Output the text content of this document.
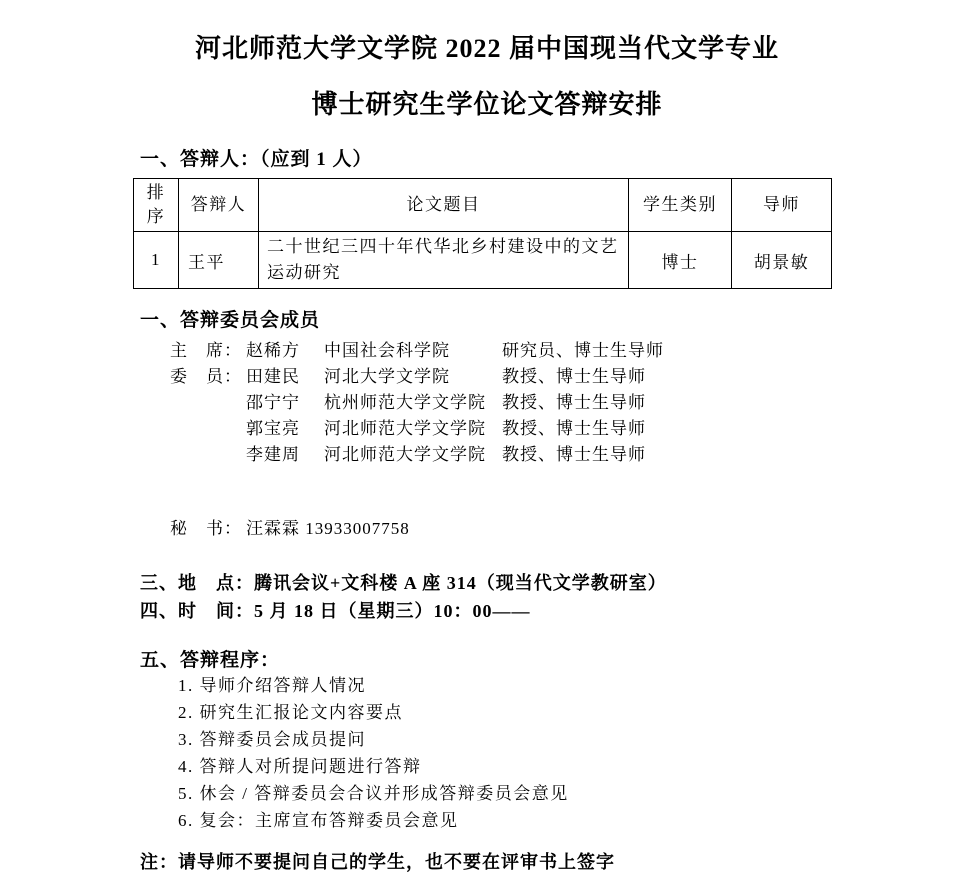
河北师范大学文学院 2022 届中国现当代文学专业
博士研究生学位论文答辩安排
一、答辩人：（应到 1 人）
排序	答辩人	论文题目	学生类别	导师
1	王平	二十世纪三四十年代华北乡村建设中的文艺运动研究	博士	胡景敏
一、答辩委员会成员
主　席： 赵稀方	中国社会科学院	研究员、博士生导师
委　员： 田建民	河北大学文学院	教授、博士生导师
邵宁宁	杭州师范大学文学院 教授、博士生导师
郭宝亮	河北师范大学文学院 教授、博士生导师
李建周	河北师范大学文学院 教授、博士生导师
秘　书： 汪霖霖 13933007758
三、地　点：腾讯会议+文科楼 A 座 314（现当代文学教研室）
四、时　间：5 月 18 日（星期三）10：00——
五、答辩程序：
1. 导师介绍答辩人情况
2. 研究生汇报论文内容要点
3. 答辩委员会成员提问
4. 答辩人对所提问题进行答辩
5. 休会 / 答辩委员会合议并形成答辩委员会意见
6. 复会：主席宣布答辩委员会意见
注：请导师不要提问自己的学生，也不要在评审书上签字
